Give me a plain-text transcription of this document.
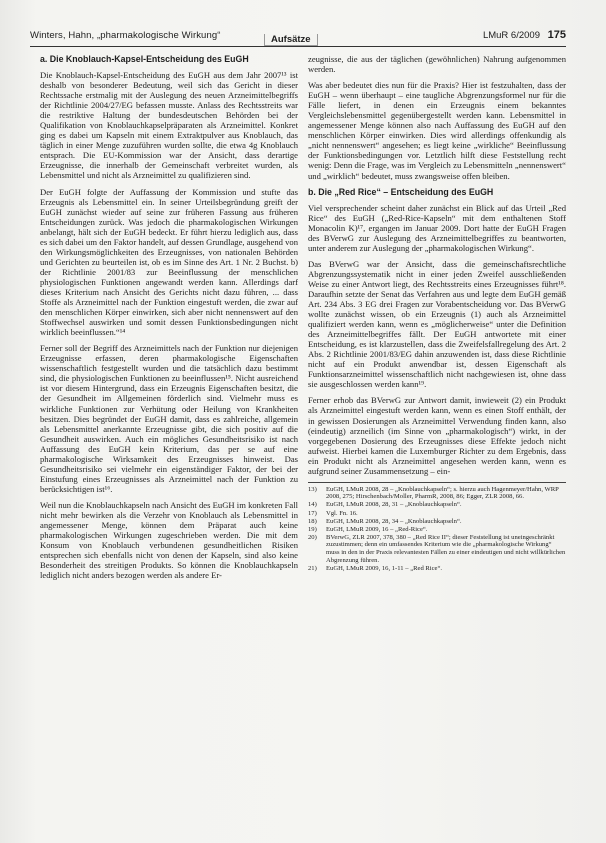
Winters, Hahn, „pharmakologische Wirkung“	Aufsätze	LMuR 6/2009 175
a. Die Knoblauch-Kapsel-Entscheidung des EuGH

Die Knoblauch-Kapsel-Entscheidung des EuGH aus dem Jahr 2007¹³ ist deshalb von besonderer Bedeutung, weil sich das Gericht in dieser Rechtssache erstmalig mit der Auslegung des neuen Arzneimittelbegriffs der Richtlinie 2004/27/EG befassen musste. Anlass des Rechtsstreits war die restriktive Haltung der bundesdeutschen Behörden bei der Qualifikation von Knoblauchkapselpräparaten als Arzneimittel. Konkret ging es dabei um Kapseln mit einem Extraktpulver aus Knoblauch, das täglich in einer Menge zuzuführen wurden sollte, die etwa 4g Knoblauch entsprach. Die EU-Kommission war der Ansicht, dass derartige Erzeugnisse, die innerhalb der Gemeinschaft verbreitet wurden, als Lebensmittel und nicht als Arzneimittel zu qualifizieren sind.

Der EuGH folgte der Auffassung der Kommission und stufte das Erzeugnis als Lebensmittel ein. In seiner Urteilsbegründung greift der EuGH zunächst wieder auf seine zur früheren Fassung aus früheren Entscheidungen zurück. Was jedoch die pharmakologischen Wirkungen anbelangt, hält sich der EuGH bedeckt. Er führt hierzu lediglich aus, dass es sich dabei um den Faktor handelt, auf dessen Grundlage, ausgehend von den Wirkungsmöglichkeiten des Erzeugnisses, von nationalen Behörden und Gerichten zu beurteilen ist, ob es im Sinne des Art. 1 Nr. 2 Buchst. b) der Richtlinie 2001/83 zur Beeinflussung der menschlichen physiologischen Funktionen angewandt werden kann. Allerdings darf dieses Kriterium nach Ansicht des Gerichts nicht dazu führen, ... dass Stoffe als Arzneimittel nach der Funktion eingestuft werden, die zwar auf den menschlichen Körper einwirken, sich aber nicht nennenswert auf den Stoffwechsel auswirken und somit dessen Funktionsbedingungen nicht wirklich beeinflussen.“¹⁴

Ferner soll der Begriff des Arzneimittels nach der Funktion nur diejenigen Erzeugnisse erfassen, deren pharmakologische Eigenschaften wissenschaftlich festgestellt wurden und die tatsächlich dazu bestimmt sind, die physiologischen Funktionen zu beeinflussen¹⁵. Nicht ausreichend ist vor diesem Hintergrund, dass ein Erzeugnis Eigenschaften besitzt, die der Gesundheit im Allgemeinen förderlich sind. Vielmehr muss es wirkliche Funktionen zur Verhütung oder Heilung von Krankheiten besitzen. Dies begründet der EuGH damit, dass es zahlreiche, allgemein als Lebensmittel anerkannte Erzeugnisse gibt, die sich positiv auf die Gesundheit auswirken. Auch ein mögliches Gesundheitsrisiko ist nach Auffassung des EuGH kein Kriterium, das per se auf eine pharmakologische Wirksamkeit des Erzeugnisses hinweist. Das Gesundheitsrisiko sei vielmehr ein eigenständiger Faktor, der bei der Einstufung eines Erzeugnisses als Arzneimittel nach der Funktion zu berücksichtigen ist¹⁶.

Weil nun die Knoblauchkapseln nach Ansicht des EuGH im konkreten Fall nicht mehr bewirken als die Verzehr von Knoblauch als Lebensmittel in angemessener Menge, können dem Präparat auch keine pharmakologischen Wirkungen zugeschrieben werden. Die mit dem Konsum von Knoblauch verbundenen gesundheitlichen Risiken entsprechen sich ebenfalls nicht von denen der Kapseln, sind also keine Besonderheit des streitigen Produkts. So können die Knoblauchkapseln lediglich nicht anders bezogen werden als andere Er-

zeugnisse, die aus der täglichen (gewöhnlichen) Nahrung aufgenommen werden.

Was aber bedeutet dies nun für die Praxis? Hier ist festzuhalten, dass der EuGH – wenn überhaupt – eine taugliche Abgrenzungsformel nur für die Fälle liefert, in denen ein Erzeugnis einem bekanntes Vergleichslebensmittel gegenübergestellt werden kann. Lebensmittel in angemessener Menge können also nach Auffassung des EuGH auf den menschlichen Körper einwirken. Dies wird allerdings offenkundig als „nicht nennenswert“ angesehen; es liegt keine „wirkliche“ Beeinflussung der Funktionsbedingungen vor. Letztlich hilft diese Feststellung recht wenig: Denn die Frage, was im Vergleich zu Lebensmitteln „nennenswert“ und „wirklich“ bedeutet, muss zwangsweise offen bleiben.

b. Die „Red Rice“ – Entscheidung des EuGH

Viel versprechender scheint daher zunächst ein Blick auf das Urteil „Red Rice“ des EuGH („Red-Rice-Kapseln“ mit dem enthaltenen Stoff Monacolin K)¹⁷, ergangen im Januar 2009. Dort hatte der EuGH Fragen des BVerwG zur Auslegung des Arzneimittelbegriffes zu beantworten, unter anderem zur Auslegung der „pharmakologischen Wirkung“.

Das BVerwG war der Ansicht, dass die gemeinschaftsrechtliche Abgrenzungssystematik nicht in einer jeden Zweifel ausschließenden Weise zu einer Antwort liegt, des Rechtsstreits eines Erzeugnisses führt¹⁸. Daraufhin setzte der Senat das Verfahren aus und legte dem EuGH gemäß Art. 234 Abs. 3 EG drei Fragen zur Vorabentscheidung vor. Das BVerwG wollte zunächst wissen, ob ein Erzeugnis (1) auch als Arzneimittel qualifiziert werden kann, wenn es „möglicherweise“ unter die Definition des Arzneimittelbegriffes fällt. Der EuGH antwortete mit einer Entscheidung, es ist klarzustellen, dass die Zweifelsfallregelung des Art. 2 Abs. 2 Richtlinie 2001/83/EG dahin anzuwenden ist, dass diese Richtlinie nicht auf ein Produkt anwendbar ist, dessen Eigenschaft als Funktionsarzneimittel wissenschaftlich nicht nachgewiesen ist, ohne dass sie ausgeschlossen werden kann¹⁹.

Ferner erhob das BVerwG zur Antwort damit, inwieweit (2) ein Produkt als Arzneimittel eingestuft werden kann, wenn es einen Stoff enthält, der in gewissen Dosierungen als Arzneimittel Verwendung finden kann, also (eindeutig) arzneilich (im Sinne von „pharmakologisch“) wirkt, in der vorgegebenen Dosierung des Erzeugnisses diese Effekte jedoch nicht aufweist. Hierbei kamen die Luxemburger Richter zu dem Ergebnis, dass ein Produkt nicht als Arzneimittel angesehen werden kann, wenn es aufgrund seiner Zusammensetzung – ein-

13)	EuGH, LMuR 2008, 28 – „Knoblauchkapseln“; s. hierzu auch Hagenmeyer/Hahn, WRP 2008, 275; Hirschenbach/Moller, PharmR, 2008, 86; Egger, ZLR 2008, 66.
14)	EuGH, LMuR 2008, 28, 31 – „Knoblauchkapseln“.
17)	Vgl. Fn. 16.
18)	EuGH, LMuR 2008, 28, 34 – „Knoblauchkapseln“.
19)	EuGH, LMuR 2009, 16 – „Red-Rice“.
20)	BVerwG, ZLR 2007, 378, 380 – „Red Rice II“; dieser Feststellung ist uneingeschränkt zuzustimmen; denn ein umfassendes Kriterium wie die „pharmakologische Wirkung“ muss in den in der Praxis relevantesten Fällen zu einer eindeutigen und nicht willkürlichen Abgrenzung führen.
21)	EuGH, LMuR 2009, 16, 1-11 – „Red Rice“.
